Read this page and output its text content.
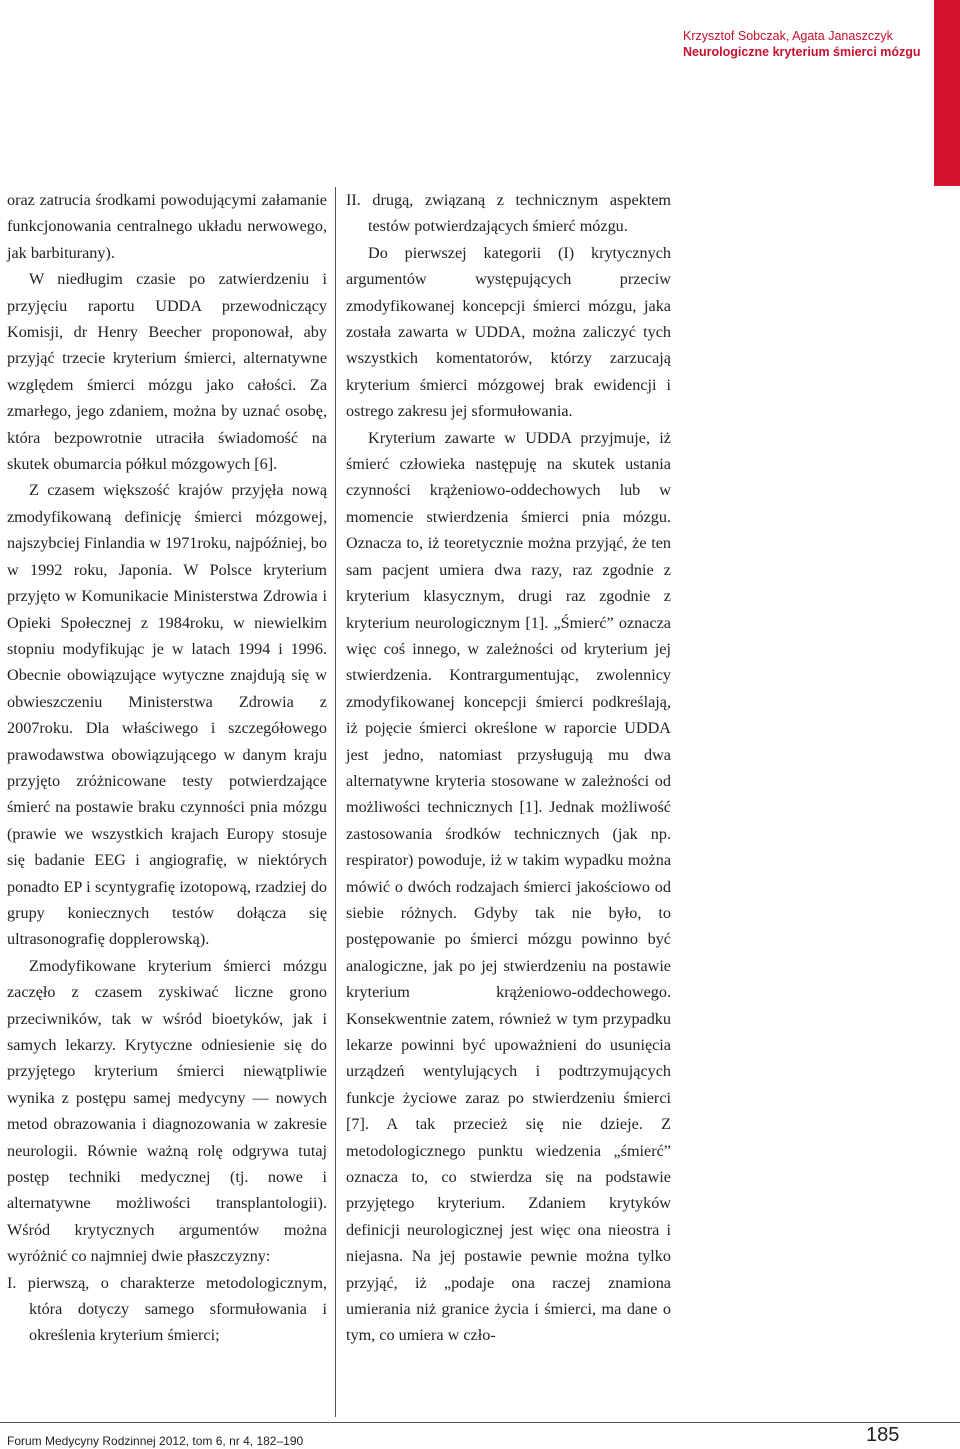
Krzysztof Sobczak, Agata Janaszczyk
Neurologiczne kryterium śmierci mózgu

oraz zatrucia środkami powodującymi załamanie funkcjonowania centralnego układu nerwowego, jak barbiturany).

W niedługim czasie po zatwierdzeniu i przyjęciu raportu UDDA przewodniczący Komisji, dr Henry Beecher proponował, aby przyjąć trzecie kryterium śmierci, alternatywne względem śmierci mózgu jako całości. Za zmarłego, jego zdaniem, można by uznać osobę, która bezpowrotnie utraciła świadomość na skutek obumarcia półkul mózgowych [6].

Z czasem większość krajów przyjęła nową zmodyfikowaną definicję śmierci mózgowej, najszybciej Finlandia w 1971roku, najpóźniej, bo w 1992 roku, Japonia. W Polsce kryterium przyjęto w Komunikacie Ministerstwa Zdrowia i Opieki Społecznej z 1984roku, w niewielkim stopniu modyfikując je w latach 1994 i 1996. Obecnie obowiązujące wytyczne znajdują się w obwieszczeniu Ministerstwa Zdrowia z 2007roku. Dla właściwego i szczegółowego prawodawstwa obowiązującego w danym kraju przyjęto zróżnicowane testy potwierdzające śmierć na postawie braku czynności pnia mózgu (prawie we wszystkich krajach Europy stosuje się badanie EEG i angiografię, w niektórych ponadto EP i scyntygrafię izotopową, rzadziej do grupy koniecznych testów dołącza się ultrasonografię dopplerowską).

Zmodyfikowane kryterium śmierci mózgu zaczęło z czasem zyskiwać liczne grono przeciwników, tak w wśród bioetyków, jak i samych lekarzy. Krytyczne odniesienie się do przyjętego kryterium śmierci niewątpliwie wynika z postępu samej medycyny — nowych metod obrazowania i diagnozowania w zakresie neurologii. Równie ważną rolę odgrywa tutaj postęp techniki medycznej (tj. nowe i alternatywne możliwości transplantologii). Wśród krytycznych argumentów można wyróżnić co najmniej dwie płaszczyzny:

I. pierwszą, o charakterze metodologicznym, która dotyczy samego sformułowania i określenia kryterium śmierci;

II. drugą, związaną z technicznym aspektem testów potwierdzających śmierć mózgu.

Do pierwszej kategorii (I) krytycznych argumentów występujących przeciw zmodyfikowanej koncepcji śmierci mózgu, jaka została zawarta w UDDA, można zaliczyć tych wszystkich komentatorów, którzy zarzucają kryterium śmierci mózgowej brak ewidencji i ostrego zakresu jej sformułowania.

Kryterium zawarte w UDDA przyjmuje, iż śmierć człowieka następuję na skutek ustania czynności krążeniowo-oddechowych lub w momencie stwierdzenia śmierci pnia mózgu. Oznacza to, iż teoretycznie można przyjąć, że ten sam pacjent umiera dwa razy, raz zgodnie z kryterium klasycznym, drugi raz zgodnie z kryterium neurologicznym [1]. „Śmierć” oznacza więc coś innego, w zależności od kryterium jej stwierdzenia. Kontrargumentując, zwolennicy zmodyfikowanej koncepcji śmierci podkreślają, iż pojęcie śmierci określone w raporcie UDDA jest jedno, natomiast przysługują mu dwa alternatywne kryteria stosowane w zależności od możliwości technicznych [1]. Jednak możliwość zastosowania środków technicznych (jak np. respirator) powoduje, iż w takim wypadku można mówić o dwóch rodzajach śmierci jakościowo od siebie różnych. Gdyby tak nie było, to postępowanie po śmierci mózgu powinno być analogiczne, jak po jej stwierdzeniu na postawie kryterium krążeniowo-oddechowego. Konsekwentnie zatem, również w tym przypadku lekarze powinni być upoważnieni do usunięcia urządzeń wentylujących i podtrzymujących funkcje życiowe zaraz po stwierdzeniu śmierci [7]. A tak przecież się nie dzieje. Z metodologicznego punktu wiedzenia „śmierć” oznacza to, co stwierdza się na podstawie przyjętego kryterium. Zdaniem krytyków definicji neurologicznej jest więc ona nieostra i niejasna. Na jej postawie pewnie można tylko przyjąć, iż „podaje ona raczej znamiona umierania niż granice życia i śmierci, ma dane o tym, co umiera w czło-

Forum Medycyny Rodzinnej 2012, tom 6, nr 4, 182–190	185
